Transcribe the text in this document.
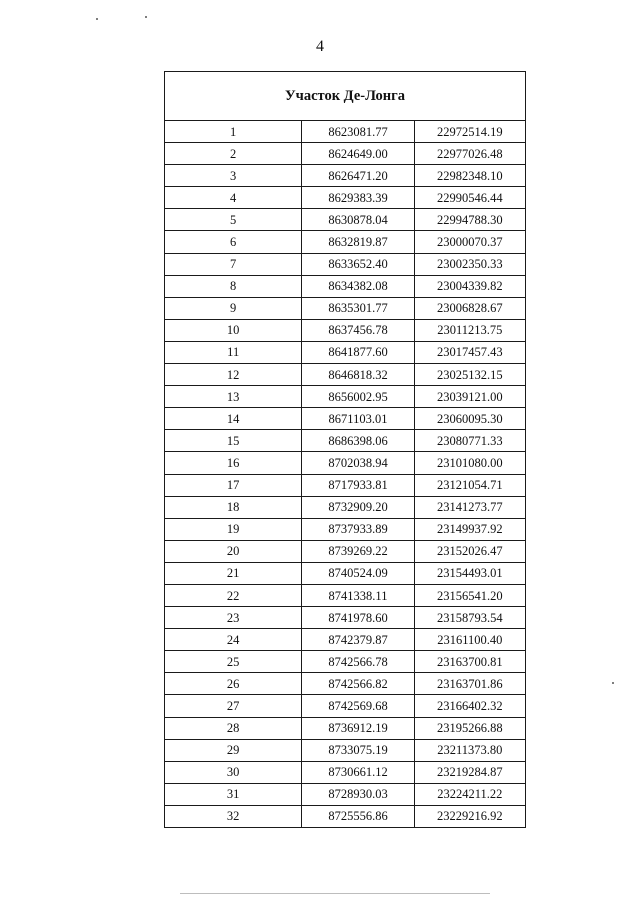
4
Участок Де-Лонга		
1	8623081.77	22972514.19
2	8624649.00	22977026.48
3	8626471.20	22982348.10
4	8629383.39	22990546.44
5	8630878.04	22994788.30
6	8632819.87	23000070.37
7	8633652.40	23002350.33
8	8634382.08	23004339.82
9	8635301.77	23006828.67
10	8637456.78	23011213.75
11	8641877.60	23017457.43
12	8646818.32	23025132.15
13	8656002.95	23039121.00
14	8671103.01	23060095.30
15	8686398.06	23080771.33
16	8702038.94	23101080.00
17	8717933.81	23121054.71
18	8732909.20	23141273.77
19	8737933.89	23149937.92
20	8739269.22	23152026.47
21	8740524.09	23154493.01
22	8741338.11	23156541.20
23	8741978.60	23158793.54
24	8742379.87	23161100.40
25	8742566.78	23163700.81
26	8742566.82	23163701.86
27	8742569.68	23166402.32
28	8736912.19	23195266.88
29	8733075.19	23211373.80
30	8730661.12	23219284.87
31	8728930.03	23224211.22
32	8725556.86	23229216.92
